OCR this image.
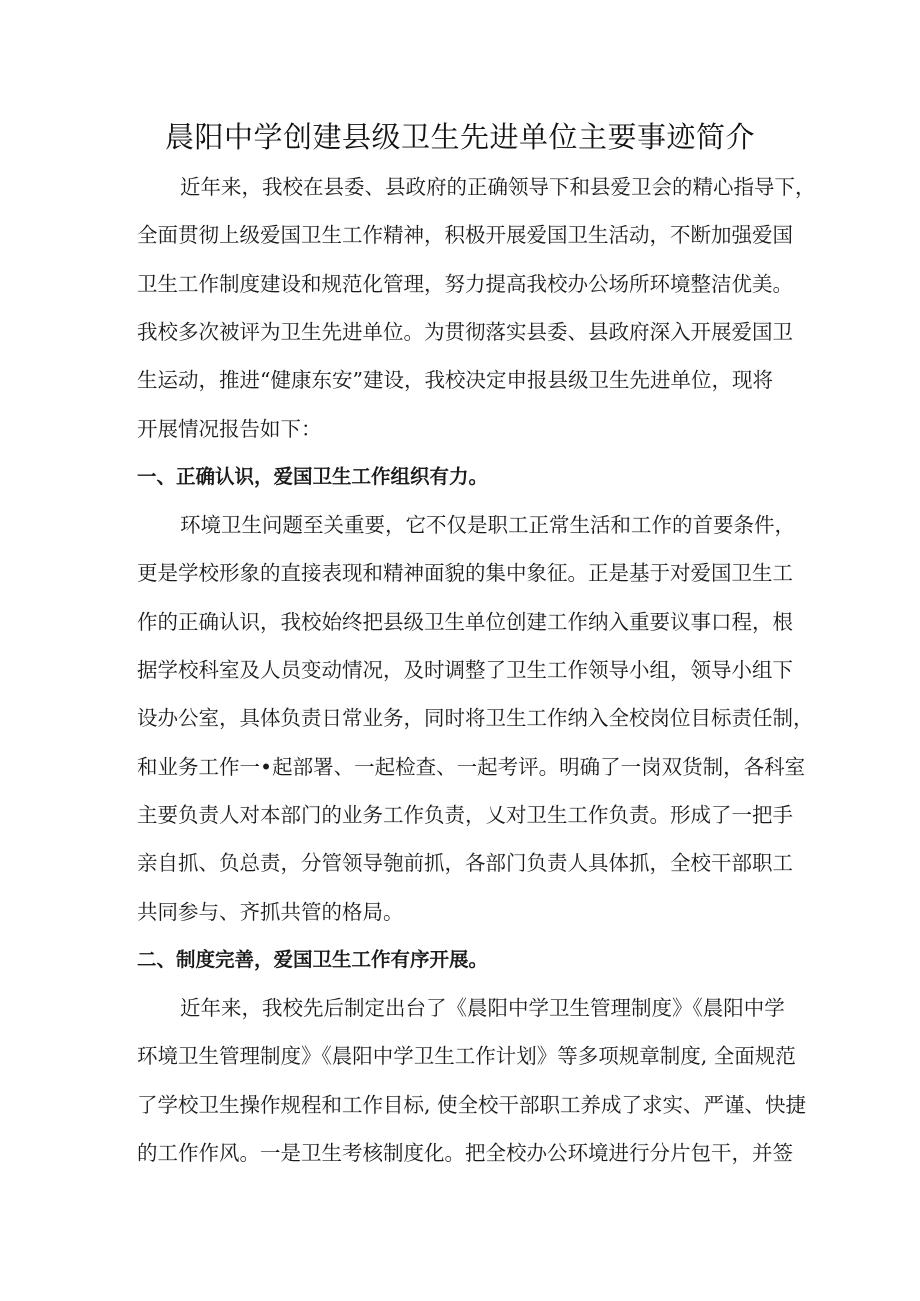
晨阳中学创建县级卫生先进单位主要事迹简介
近年来，我校在县委、县政府的正确领导下和县爱卫会的精心指导下，
全面贯彻上级爱国卫生工作精神，积极开展爱国卫生活动，不断加强爱国
卫生工作制度建设和规范化管理，努力提高我校办公场所环境整洁优美。
我校多次被评为卫生先进单位。为贯彻落实县委、县政府深入开展爱国卫
生运动，推进“健康东安”建设，我校决定申报县级卫生先进单位，现将
开展情况报告如下：
一、正确认识，爱国卫生工作组织有力。
环境卫生问题至关重要，它不仅是职工正常生活和工作的首要条件，
更是学校形象的直接表现和精神面貌的集中象征。正是基于对爱国卫生工
作的正确认识，我校始终把县级卫生单位创建工作纳入重要议事口程，根
据学校科室及人员变动情况，及时调整了卫生工作领导小组，领导小组下
设办公室，具体负责日常业务，同时将卫生工作纳入全校岗位目标责任制，
和业务工作一•起部署、一起检查、一起考评。明确了一岗双货制，各科室
主要负责人对本部门的业务工作负责，乂对卫生工作负责。形成了一把手
亲自抓、负总责，分管领导匏前抓，各部门负责人具体抓，全校干部职工
共同参与、齐抓共管的格局。
二、制度完善，爱国卫生工作有序开展。
近年来，我校先后制定出台了《晨阳中学卫生管理制度》《晨阳中学
环境卫生管理制度》《晨阳中学卫生工作计划》等多项规章制度, 全面规范
了学校卫生操作规程和工作目标, 使全校干部职工养成了求实、严谨、快捷
的工作作风。一是卫生考核制度化。把全校办公环境进行分片包干，并签
